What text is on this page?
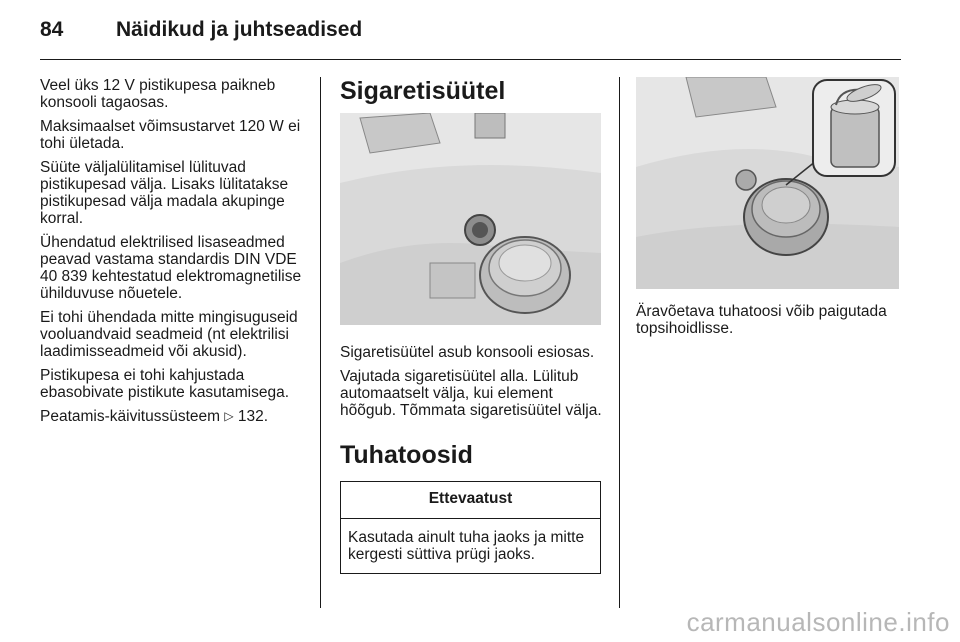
84	Näidikud ja juhtseadised

Veel üks 12 V pistikupesa paikneb konsooli tagaosas.

Maksimaalset võimsustarvet 120 W ei tohi ületada.

Süüte väljalülitamisel lülituvad pistikupesad välja. Lisaks lülitatakse pistikupesad välja madala akupinge korral.

Ühendatud elektrilised lisaseadmed peavad vastama standardis DIN VDE 40 839 kehtestatud elektromagnetilise ühilduvuse nõuetele.

Ei tohi ühendada mitte mingisuguseid vooluandvaid seadmeid (nt elektrilisi laadimisseadmeid või akusid).

Pistikupesa ei tohi kahjustada ebasobivate pistikute kasutamisega.

Peatamis-käivitussüsteem ▷ 132.

Sigaretisüütel

Sigaretisüütel asub konsooli esiosas.

Vajutada sigaretisüütel alla. Lülitub automaatselt välja, kui element hõõgub. Tõmmata sigaretisüütel välja.

Tuhatoosid
Ettevaatust
Kasutada ainult tuha jaoks ja mitte kergesti süttiva prügi jaoks.

Äravõetava tuhatoosi võib paigutada topsihoidlisse.

carmanualsonline.info
